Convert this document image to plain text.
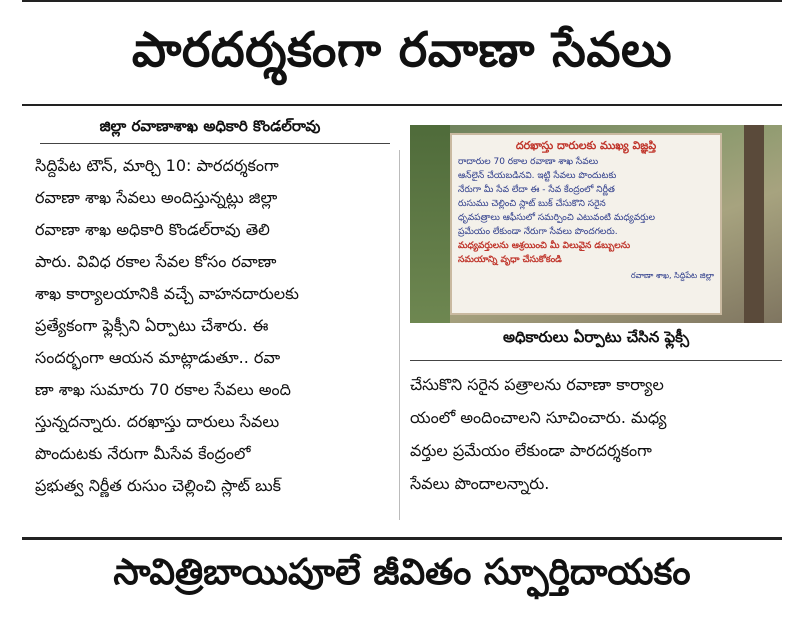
పారదర్శకంగా రవాణా సేవలు
జిల్లా రవాణాశాఖ అధికారి కొండల్‌రావు
సిద్దిపేట టౌన్, మార్చి 10: పారదర్శకంగా
రవాణా శాఖ సేవలు అందిస్తున్నట్లు జిల్లా
రవాణా శాఖ అధికారి కొండల్‌రావు తెలి
పారు. వివిధ రకాల సేవల కోసం రవాణా
శాఖ కార్యాలయానికి వచ్చే వాహనదారులకు
ప్రత్యేకంగా ఫ్లెక్సీని ఏర్పాటు చేశారు. ఈ
సందర్భంగా ఆయన మాట్లాడుతూ.. రవా
ణా శాఖ సుమారు 70 రకాల సేవలు అంది
స్తున్నదన్నారు. దరఖాస్తు దారులు సేవలు
పొందుటకు నేరుగా మీసేవ కేంద్రంలో
ప్రభుత్వ నిర్ణీత రుసుం చెల్లించి స్లాట్ బుక్
దరఖాస్తు దారులకు ముఖ్య విజ్ఞప్తి
రాదారుల 70 రకాల రవాణా శాఖ సేవలు
ఆన్‌లైన్ చేయబడినవి. ఇట్టి సేవలు పొందుటకు
నేరుగా మీ సేవ లేదా ఈ - సేవ కేంద్రంలో నిర్ణీత
రుసుము చెల్లించి స్లాట్ బుక్ చేసుకొని సరైన
ధృవపత్రాలు ఆఫీసులో సమర్పించి ఎటువంటి మధ్యవర్తుల
ప్రమేయం లేకుండా నేరుగా సేవలు పొందగలరు.
మధ్యవర్తులను ఆశ్రయించి మీ విలువైన డబ్బులను
సమయాన్ని వృధా చేసుకోకండి
రవాణా శాఖ, సిద్దిపేట జిల్లా
అధికారులు ఏర్పాటు చేసిన ఫ్లెక్సీ
చేసుకొని సరైన పత్రాలను రవాణా కార్యాల
యంలో అందించాలని సూచించారు. మధ్య
వర్తుల ప్రమేయం లేకుండా పారదర్శకంగా
సేవలు పొందాలన్నారు.
సావిత్రిబాయిపూలే జీవితం స్ఫూర్తిదాయకం
